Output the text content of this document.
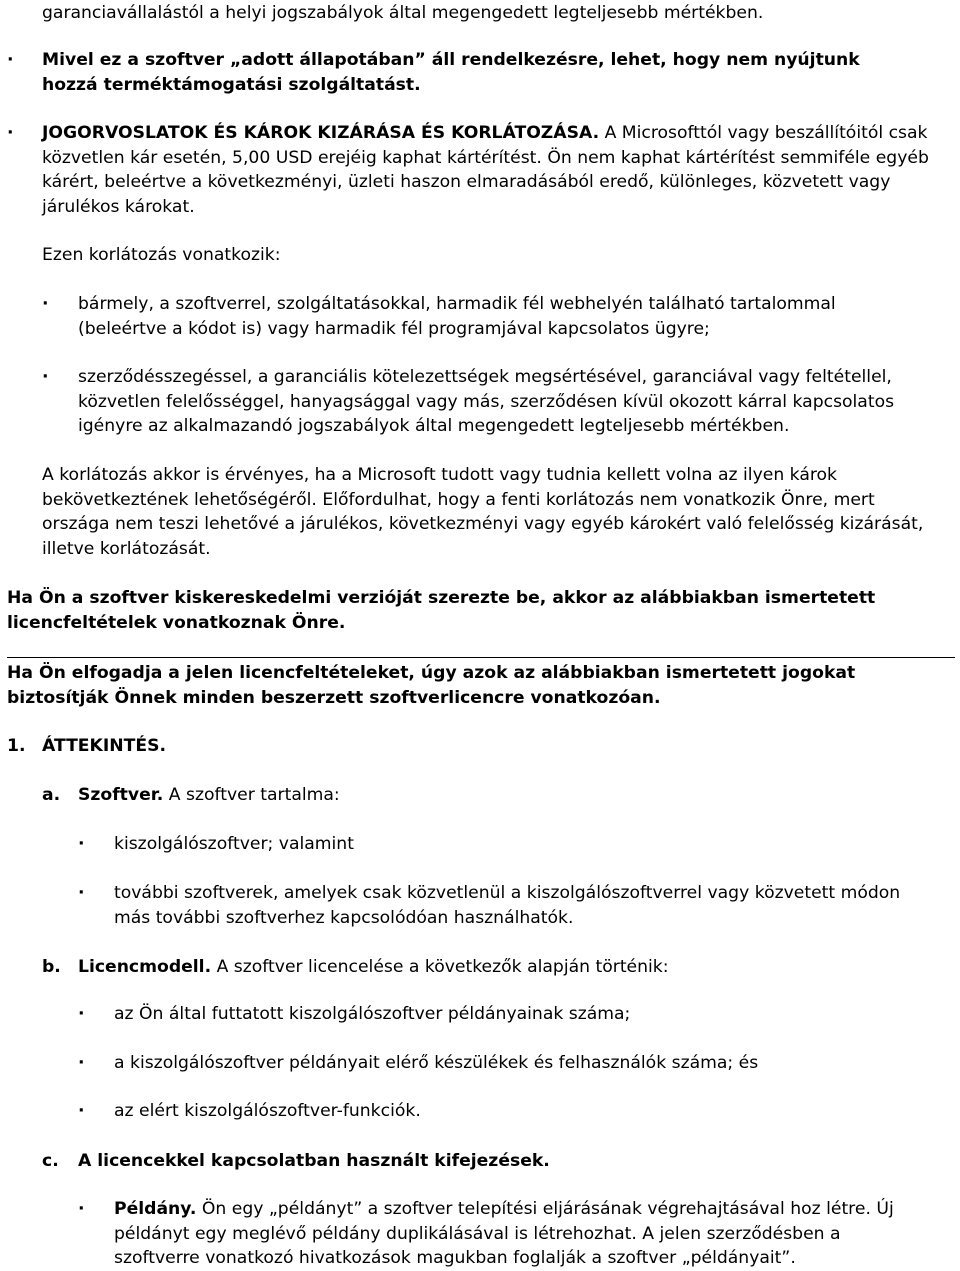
garanciavállalástól a helyi jogszabályok által megengedett legteljesebb mértékben.
· Mivel ez a szoftver „adott állapotában” áll rendelkezésre, lehet, hogy nem nyújtunk hozzá terméktámogatási szolgáltatást.
· JOGORVOSLATOK ÉS KÁROK KIZÁRÁSA ÉS KORLÁTOZÁSA. A Microsofttól vagy beszállítóitól csak közvetlen kár esetén, 5,00 USD erejéig kaphat kártérítést. Ön nem kaphat kártérítést semmiféle egyéb kárért, beleértve a következményi, üzleti haszon elmaradásából eredő, különleges, közvetett vagy járulékos károkat.
Ezen korlátozás vonatkozik:
· bármely, a szoftverrel, szolgáltatásokkal, harmadik fél webhelyén található tartalommal (beleértve a kódot is) vagy harmadik fél programjával kapcsolatos ügyre;
· szerződésszegéssel, a garanciális kötelezettségek megsértésével, garanciával vagy feltétellel, közvetlen felelősséggel, hanyagsággal vagy más, szerződésen kívül okozott kárral kapcsolatos igényre az alkalmazandó jogszabályok által megengedett legteljesebb mértékben.
A korlátozás akkor is érvényes, ha a Microsoft tudott vagy tudnia kellett volna az ilyen károk bekövetkeztének lehetőségéről. Előfordulhat, hogy a fenti korlátozás nem vonatkozik Önre, mert országa nem teszi lehetővé a járulékos, következményi vagy egyéb károkért való felelősség kizárását, illetve korlátozását.
Ha Ön a szoftver kiskereskedelmi verzióját szerezte be, akkor az alábbiakban ismertetett licencfeltételek vonatkoznak Önre.
Ha Ön elfogadja a jelen licencfeltételeket, úgy azok az alábbiakban ismertetett jogokat biztosítják Önnek minden beszerzett szoftverlicencre vonatkozóan.
1. ÁTTEKINTÉS.
a. Szoftver. A szoftver tartalma:
· kiszolgálószoftver; valamint
· további szoftverek, amelyek csak közvetlenül a kiszolgálószoftverrel vagy közvetett módon más további szoftverhez kapcsolódóan használhatók.
b. Licencmodell. A szoftver licencelése a következők alapján történik:
· az Ön által futtatott kiszolgálószoftver példányainak száma;
· a kiszolgálószoftver példányait elérő készülékek és felhasználók száma; és
· az elért kiszolgálószoftver-funkciók.
c. A licencekkel kapcsolatban használt kifejezések.
· Példány. Ön egy „példányt” a szoftver telepítési eljárásának végrehajtásával hoz létre. Új példányt egy meglévő példány duplikálásával is létrehozhat. A jelen szerződésben a szoftverre vonatkozó hivatkozások magukban foglalják a szoftver „példányait”.
